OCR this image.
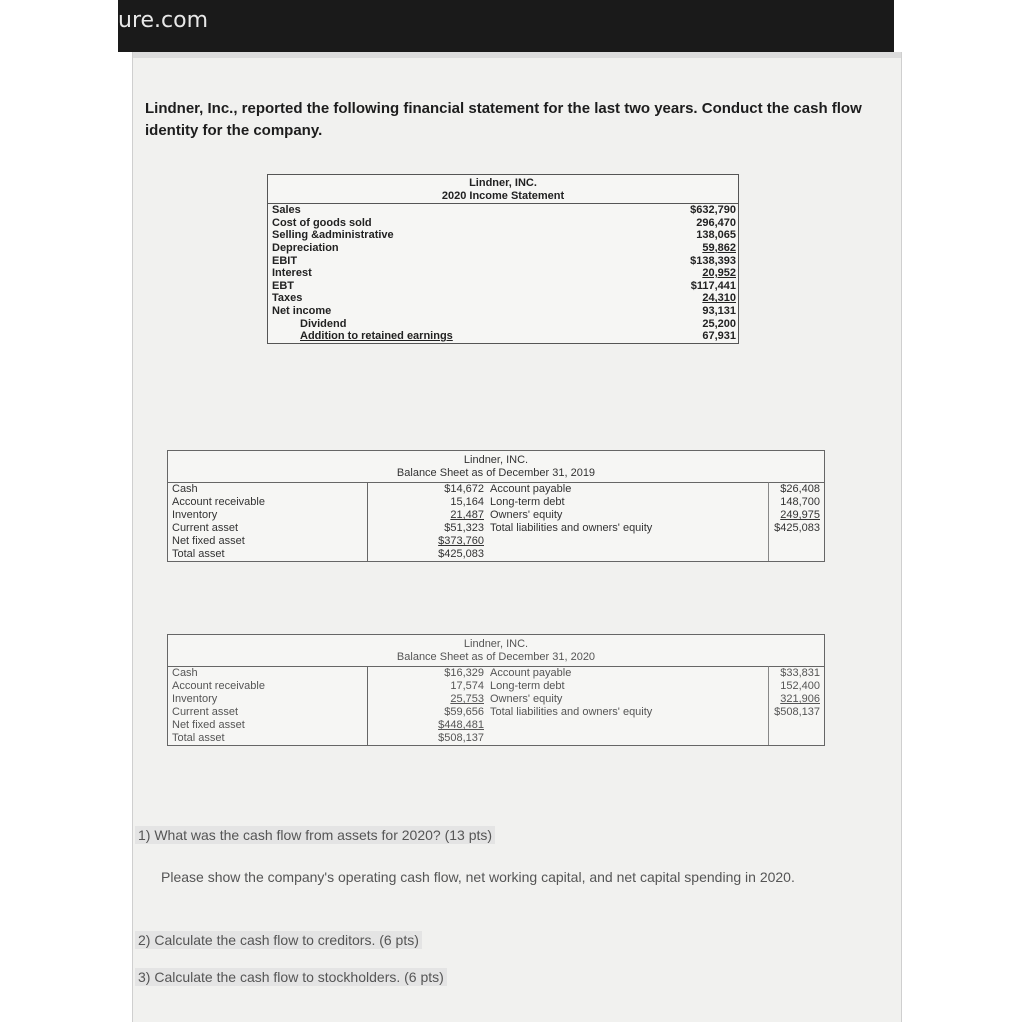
ure.com
Lindner, Inc., reported the following financial statement for the last two years. Conduct the cash flow identity for the company.
Lindner, INC.
2020 Income Statement
Sales	$632,790
Cost of goods sold	296,470
Selling &administrative	138,065
Depreciation	59,862
EBIT	$138,393
Interest	20,952
EBT	$117,441
Taxes	24,310
Net income	93,131
Dividend	25,200
Addition to retained earnings	67,931
Lindner, INC.
Balance Sheet as of December 31, 2019
Cash	$14,672 Account payable	$26,408
Account receivable	15,164 Long-term debt	148,700
Inventory	21,487 Owners' equity	249,975
Current asset	$51,323 Total liabilities and owners' equity	$425,083
Net fixed asset	$373,760
Total asset	$425,083
Lindner, INC.
Balance Sheet as of December 31, 2020
Cash	$16,329 Account payable	$33,831
Account receivable	17,574 Long-term debt	152,400
Inventory	25,753 Owners' equity	321,906
Current asset	$59,656 Total liabilities and owners' equity	$508,137
Net fixed asset	$448,481
Total asset	$508,137
1) What was the cash flow from assets for 2020? (13 pts)
Please show the company's operating cash flow, net working capital, and net capital spending in 2020.
2) Calculate the cash flow to creditors. (6 pts)
3) Calculate the cash flow to stockholders. (6 pts)
